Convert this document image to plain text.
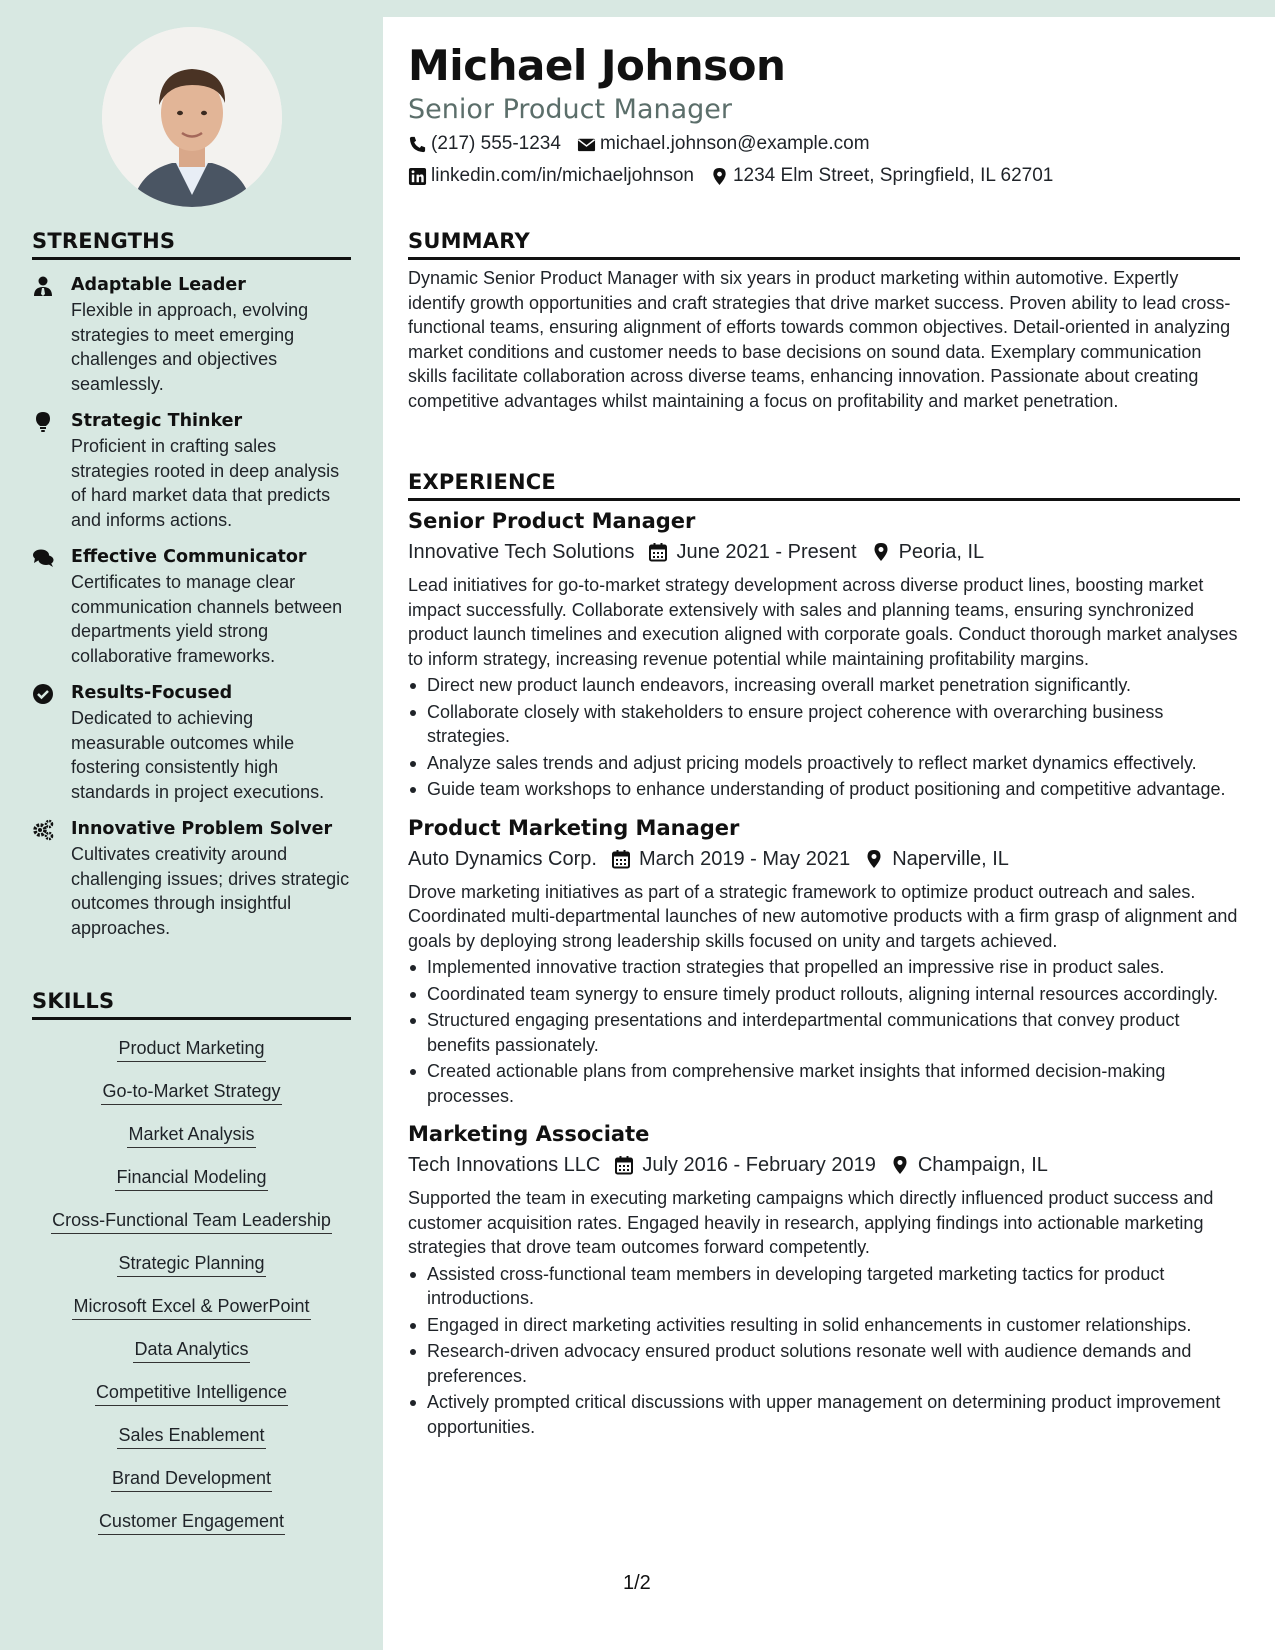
STRENGTHS
Adaptable Leader
Flexible in approach, evolving strategies to meet emerging challenges and objectives seamlessly.
Strategic Thinker
Proficient in crafting sales strategies rooted in deep analysis of hard market data that predicts and informs actions.
Effective Communicator
Certificates to manage clear communication channels between departments yield strong collaborative frameworks.
Results-Focused
Dedicated to achieving measurable outcomes while fostering consistently high standards in project executions.
Innovative Problem Solver
Cultivates creativity around challenging issues; drives strategic outcomes through insightful approaches.
SKILLS
Product Marketing
Go-to-Market Strategy
Market Analysis
Financial Modeling
Cross-Functional Team Leadership
Strategic Planning
Microsoft Excel & PowerPoint
Data Analytics
Competitive Intelligence
Sales Enablement
Brand Development
Customer Engagement
Michael Johnson
Senior Product Manager
(217) 555-1234 michael.johnson@example.com
linkedin.com/in/michaeljohnson 1234 Elm Street, Springfield, IL 62701
SUMMARY
Dynamic Senior Product Manager with six years in product marketing within automotive. Expertly identify growth opportunities and craft strategies that drive market success. Proven ability to lead cross-functional teams, ensuring alignment of efforts towards common objectives. Detail-oriented in analyzing market conditions and customer needs to base decisions on sound data. Exemplary communication skills facilitate collaboration across diverse teams, enhancing innovation. Passionate about creating competitive advantages whilst maintaining a focus on profitability and market penetration.
EXPERIENCE
Senior Product Manager
Innovative Tech Solutions June 2021 - Present Peoria, IL
Lead initiatives for go-to-market strategy development across diverse product lines, boosting market impact successfully. Collaborate extensively with sales and planning teams, ensuring synchronized product launch timelines and execution aligned with corporate goals. Conduct thorough market analyses to inform strategy, increasing revenue potential while maintaining profitability margins.
Direct new product launch endeavors, increasing overall market penetration significantly.
Collaborate closely with stakeholders to ensure project coherence with overarching business strategies.
Analyze sales trends and adjust pricing models proactively to reflect market dynamics effectively.
Guide team workshops to enhance understanding of product positioning and competitive advantage.
Product Marketing Manager
Auto Dynamics Corp. March 2019 - May 2021 Naperville, IL
Drove marketing initiatives as part of a strategic framework to optimize product outreach and sales. Coordinated multi-departmental launches of new automotive products with a firm grasp of alignment and goals by deploying strong leadership skills focused on unity and targets achieved.
Implemented innovative traction strategies that propelled an impressive rise in product sales.
Coordinated team synergy to ensure timely product rollouts, aligning internal resources accordingly.
Structured engaging presentations and interdepartmental communications that convey product benefits passionately.
Created actionable plans from comprehensive market insights that informed decision-making processes.
Marketing Associate
Tech Innovations LLC July 2016 - February 2019 Champaign, IL
Supported the team in executing marketing campaigns which directly influenced product success and customer acquisition rates. Engaged heavily in research, applying findings into actionable marketing strategies that drove team outcomes forward competently.
Assisted cross-functional team members in developing targeted marketing tactics for product introductions.
Engaged in direct marketing activities resulting in solid enhancements in customer relationships.
Research-driven advocacy ensured product solutions resonate well with audience demands and preferences.
Actively prompted critical discussions with upper management on determining product improvement opportunities.
1/2
